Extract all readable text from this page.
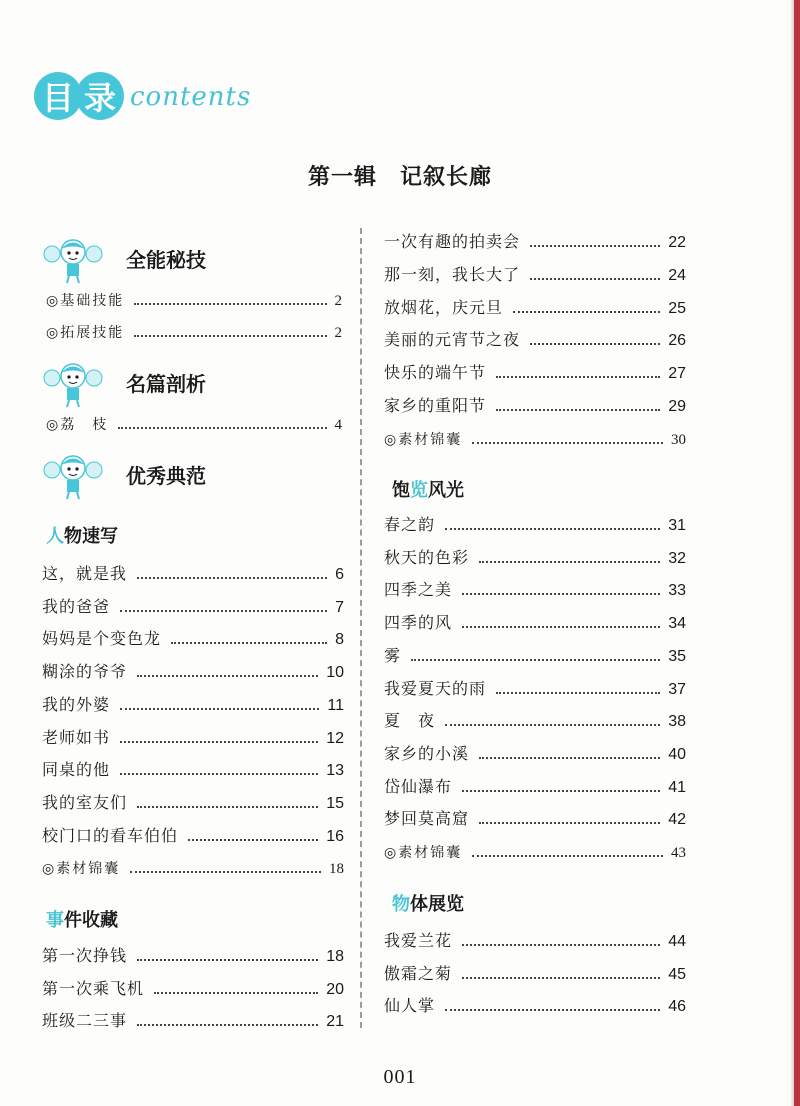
目 录 contents
第一辑　记叙长廊
全能秘技
◎基础技能	2
◎拓展技能	2
名篇剖析
◎荔　枝	4
优秀典范
人物速写
这，就是我	6
我的爸爸	7
妈妈是个变色龙	8
糊涂的爷爷	10
我的外婆	11
老师如书	12
同桌的他	13
我的室友们	15
校门口的看车伯伯	16
◎素材锦囊	18
事件收藏
第一次挣钱	18
第一次乘飞机	20
班级二三事	21
一次有趣的拍卖会	22
那一刻，我长大了	24
放烟花，庆元旦	25
美丽的元宵节之夜	26
快乐的端午节	27
家乡的重阳节	29
◎素材锦囊	30
饱览风光
春之韵	31
秋天的色彩	32
四季之美	33
四季的风	34
雾	35
我爱夏天的雨	37
夏　夜	38
家乡的小溪	40
岱仙瀑布	41
梦回莫高窟	42
◎素材锦囊	43
物体展览
我爱兰花	44
傲霜之菊	45
仙人掌	46
001
